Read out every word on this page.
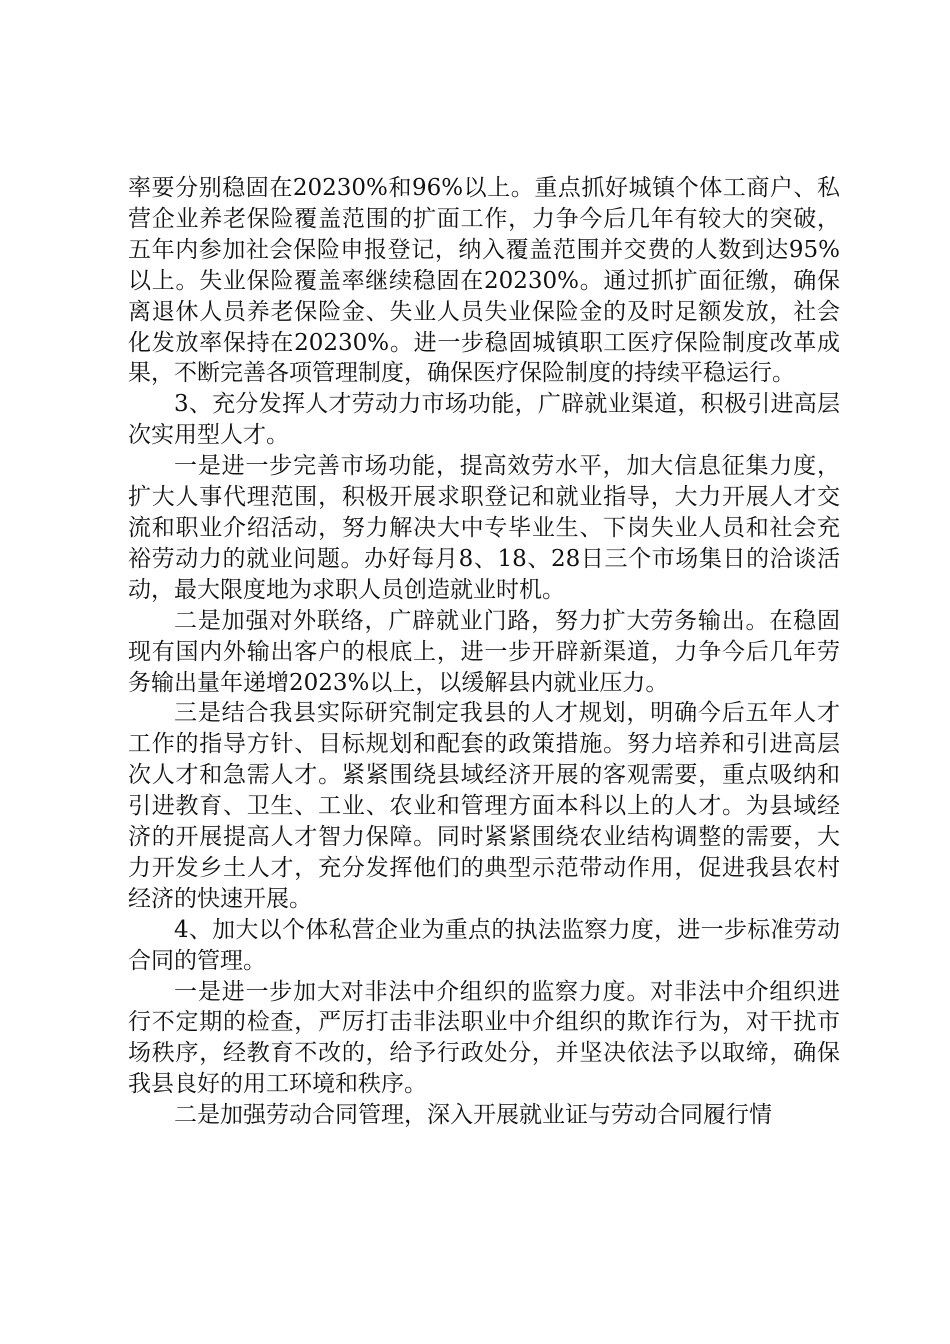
率要分别稳固在20230%和96%以上。重点抓好城镇个体工商户、私营企业养老保险覆盖范围的扩面工作，力争今后几年有较大的突破，五年内参加社会保险申报登记，纳入覆盖范围并交费的人数到达95%以上。失业保险覆盖率继续稳固在20230%。通过抓扩面征缴，确保离退休人员养老保险金、失业人员失业保险金的及时足额发放，社会化发放率保持在20230%。进一步稳固城镇职工医疗保险制度改革成果，不断完善各项管理制度，确保医疗保险制度的持续平稳运行。

3、充分发挥人才劳动力市场功能，广辟就业渠道，积极引进高层次实用型人才。

一是进一步完善市场功能，提高效劳水平，加大信息征集力度，扩大人事代理范围，积极开展求职登记和就业指导，大力开展人才交流和职业介绍活动，努力解决大中专毕业生、下岗失业人员和社会充裕劳动力的就业问题。办好每月8、18、28日三个市场集日的洽谈活动，最大限度地为求职人员创造就业时机。

二是加强对外联络，广辟就业门路，努力扩大劳务输出。在稳固现有国内外输出客户的根底上，进一步开辟新渠道，力争今后几年劳务输出量年递增2023%以上，以缓解县内就业压力。

三是结合我县实际研究制定我县的人才规划，明确今后五年人才工作的指导方针、目标规划和配套的政策措施。努力培养和引进高层次人才和急需人才。紧紧围绕县域经济开展的客观需要，重点吸纳和引进教育、卫生、工业、农业和管理方面本科以上的人才。为县域经济的开展提高人才智力保障。同时紧紧围绕农业结构调整的需要，大力开发乡土人才，充分发挥他们的典型示范带动作用，促进我县农村经济的快速开展。

4、加大以个体私营企业为重点的执法监察力度，进一步标准劳动合同的管理。

一是进一步加大对非法中介组织的监察力度。对非法中介组织进行不定期的检查，严厉打击非法职业中介组织的欺诈行为，对干扰市场秩序，经教育不改的，给予行政处分，并坚决依法予以取缔，确保我县良好的用工环境和秩序。

二是加强劳动合同管理，深入开展就业证与劳动合同履行情
